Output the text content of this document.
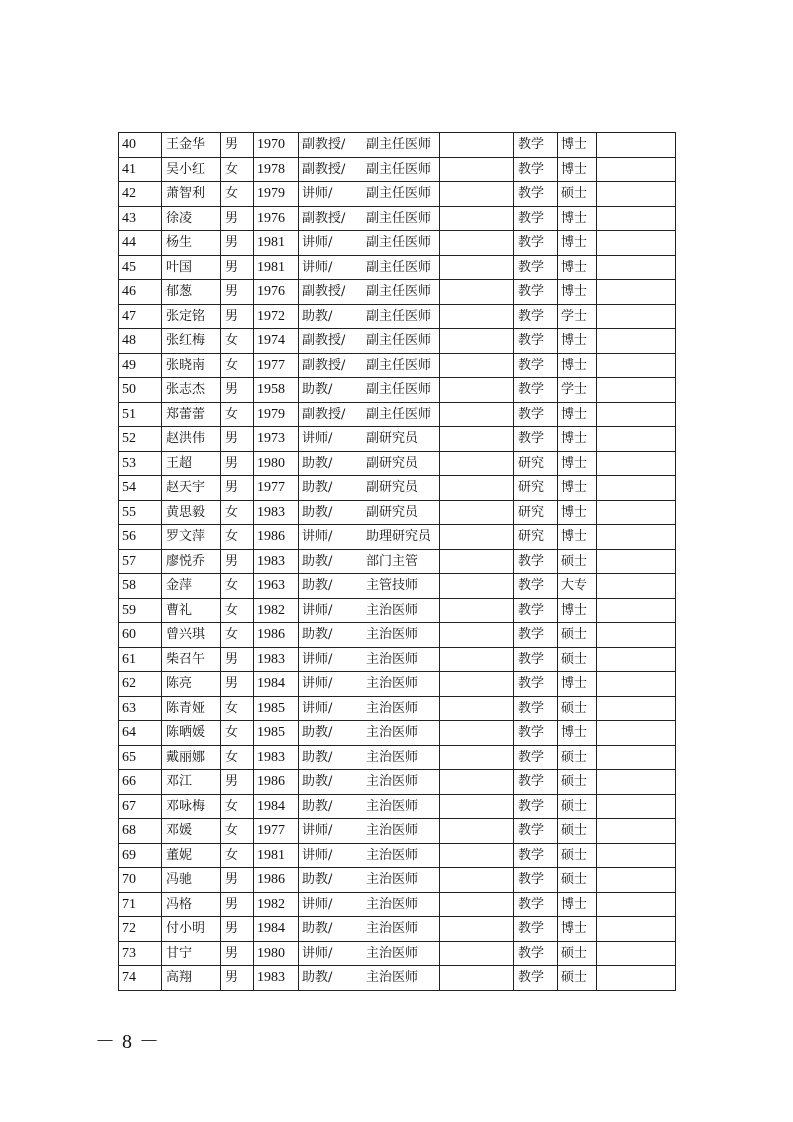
40	王金华	男	1970	副教授/ 副主任医师		教学	博士	
41	吴小红	女	1978	副教授/ 副主任医师		教学	博士	
42	萧智利	女	1979	讲师/ 副主任医师		教学	硕士	
43	徐凌	男	1976	副教授/ 副主任医师		教学	博士	
44	杨生	男	1981	讲师/ 副主任医师		教学	博士	
45	叶国	男	1981	讲师/ 副主任医师		教学	博士	
46	郁葱	男	1976	副教授/ 副主任医师		教学	博士	
47	张定铭	男	1972	助教/ 副主任医师		教学	学士	
48	张红梅	女	1974	副教授/ 副主任医师		教学	博士	
49	张晓南	女	1977	副教授/ 副主任医师		教学	博士	
50	张志杰	男	1958	助教/ 副主任医师		教学	学士	
51	郑蕾蕾	女	1979	副教授/ 副主任医师		教学	博士	
52	赵洪伟	男	1973	讲师/ 副研究员		教学	博士	
53	王超	男	1980	助教/ 副研究员		研究	博士	
54	赵天宇	男	1977	助教/ 副研究员		研究	博士	
55	黄思毅	女	1983	助教/ 副研究员		研究	博士	
56	罗文萍	女	1986	讲师/ 助理研究员		研究	博士	
57	廖悦乔	男	1983	助教/ 部门主管		教学	硕士	
58	金萍	女	1963	助教/ 主管技师		教学	大专	
59	曹礼	女	1982	讲师/ 主治医师		教学	博士	
60	曾兴琪	女	1986	助教/ 主治医师		教学	硕士	
61	柴召午	男	1983	讲师/ 主治医师		教学	硕士	
62	陈亮	男	1984	讲师/ 主治医师		教学	博士	
63	陈青娅	女	1985	讲师/ 主治医师		教学	硕士	
64	陈晒媛	女	1985	助教/ 主治医师		教学	博士	
65	戴丽娜	女	1983	助教/ 主治医师		教学	硕士	
66	邓江	男	1986	助教/ 主治医师		教学	硕士	
67	邓咏梅	女	1984	助教/ 主治医师		教学	硕士	
68	邓媛	女	1977	讲师/ 主治医师		教学	硕士	
69	董妮	女	1981	讲师/ 主治医师		教学	硕士	
70	冯驰	男	1986	助教/ 主治医师		教学	硕士	
71	冯格	男	1982	讲师/ 主治医师		教学	博士	
72	付小明	男	1984	助教/ 主治医师		教学	博士	
73	甘宁	男	1980	讲师/ 主治医师		教学	硕士	
74	高翔	男	1983	助教/ 主治医师		教学	硕士	
－ 8 －
